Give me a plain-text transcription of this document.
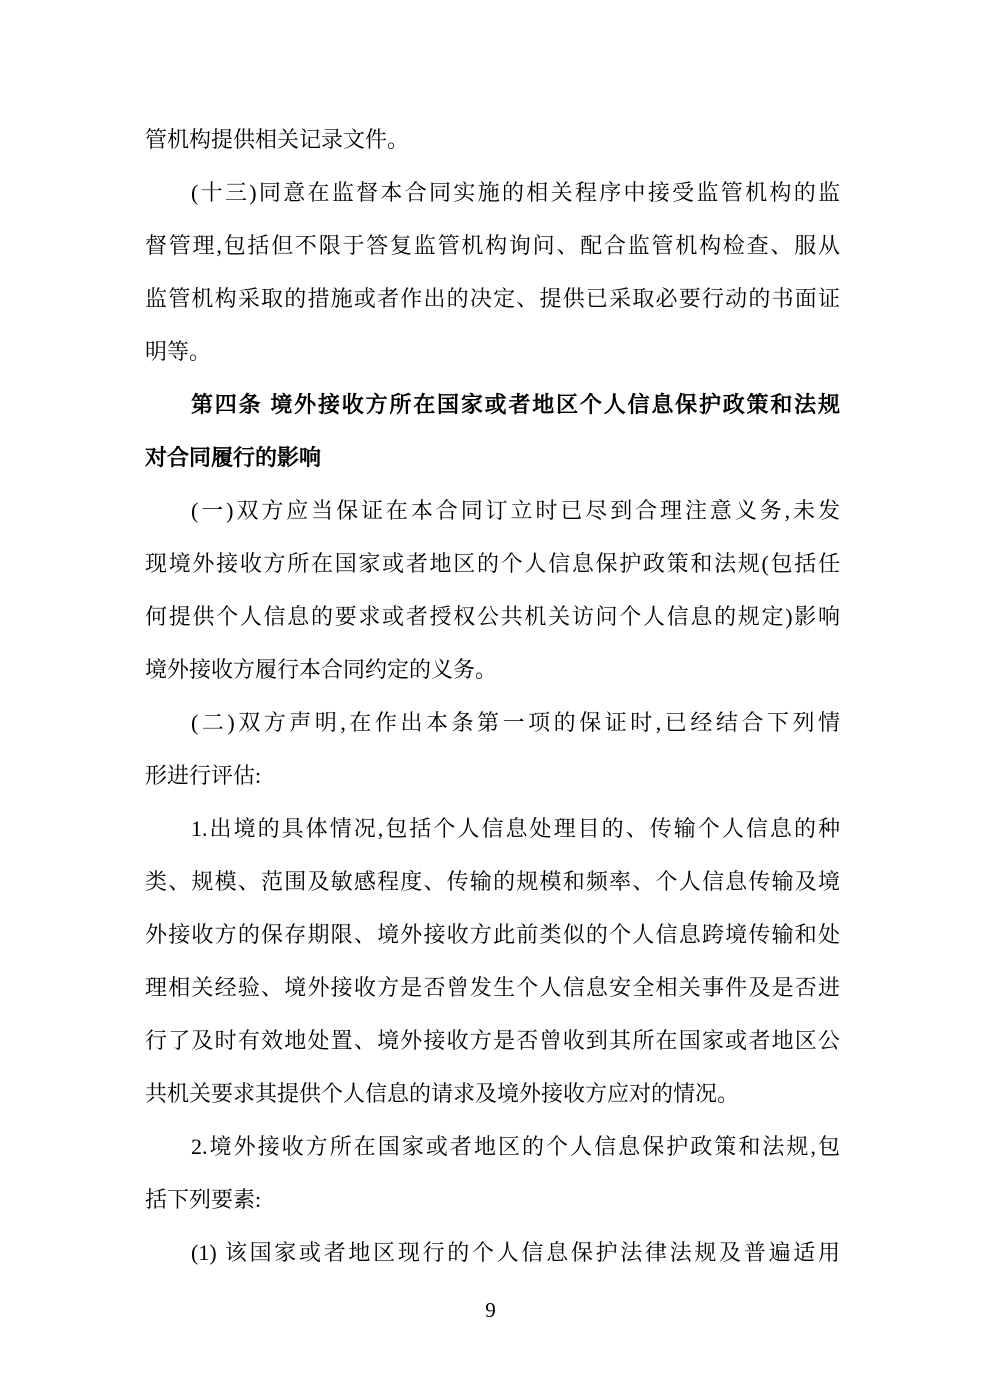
管机构提供相关记录文件。
(十三)同意在监督本合同实施的相关程序中接受监管机构的监
督管理,包括但不限于答复监管机构询问、配合监管机构检查、服从
监管机构采取的措施或者作出的决定、提供已采取必要行动的书面证
明等。
第四条 境外接收方所在国家或者地区个人信息保护政策和法规
对合同履行的影响
(一)双方应当保证在本合同订立时已尽到合理注意义务,未发
现境外接收方所在国家或者地区的个人信息保护政策和法规(包括任
何提供个人信息的要求或者授权公共机关访问个人信息的规定)影响
境外接收方履行本合同约定的义务。
(二)双方声明,在作出本条第一项的保证时,已经结合下列情
形进行评估:
1.出境的具体情况,包括个人信息处理目的、传输个人信息的种
类、规模、范围及敏感程度、传输的规模和频率、个人信息传输及境
外接收方的保存期限、境外接收方此前类似的个人信息跨境传输和处
理相关经验、境外接收方是否曾发生个人信息安全相关事件及是否进
行了及时有效地处置、境外接收方是否曾收到其所在国家或者地区公
共机关要求其提供个人信息的请求及境外接收方应对的情况。
2.境外接收方所在国家或者地区的个人信息保护政策和法规,包
括下列要素:
(1) 该国家或者地区现行的个人信息保护法律法规及普遍适用
9
